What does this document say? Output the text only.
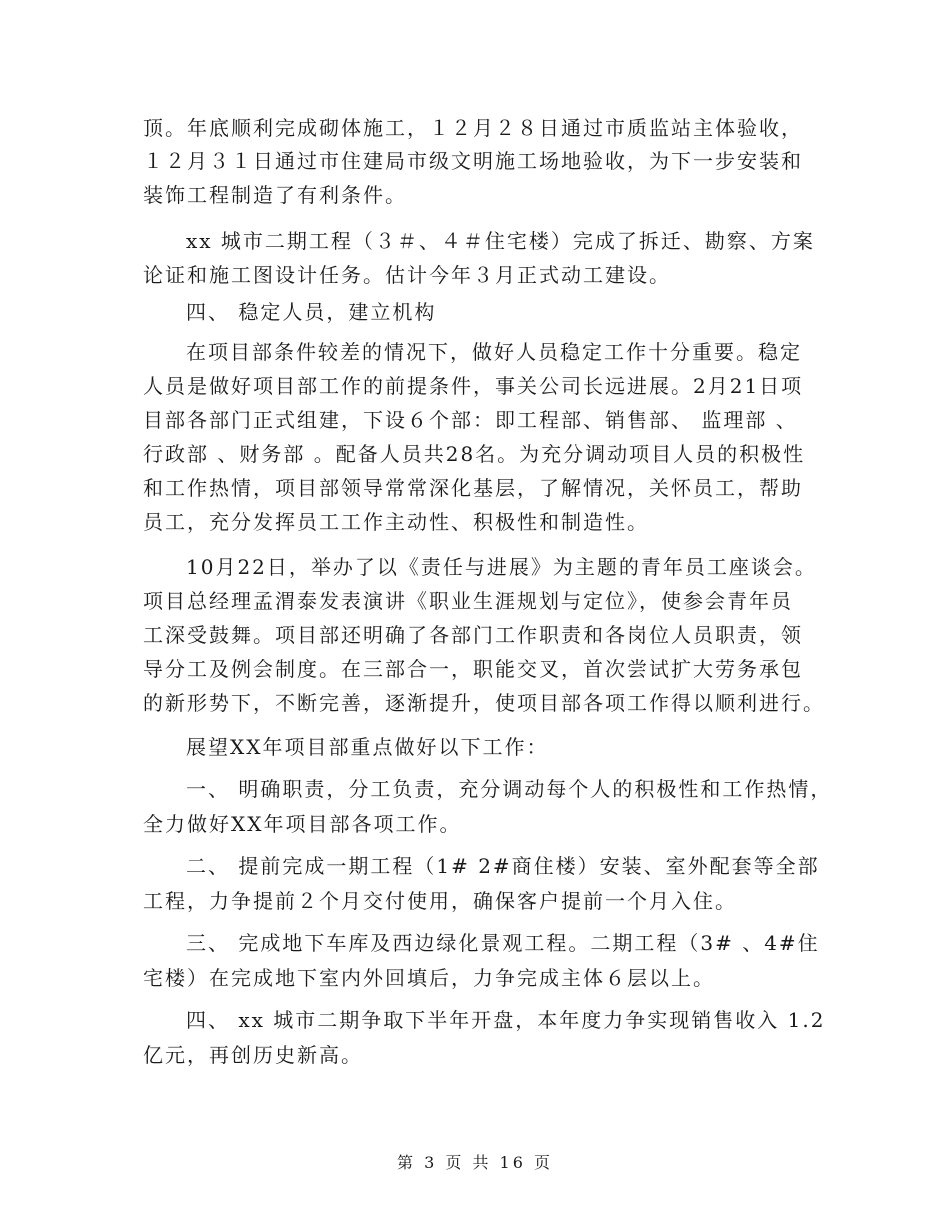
顶。年底顺利完成砌体施工，１２月２８日通过市质监站主体验收，
１２月３１日通过市住建局市级文明施工场地验收，为下一步安装和
装饰工程制造了有利条件。
xx 城市二期工程（３＃、４＃住宅楼）完成了拆迁、勘察、方案
论证和施工图设计任务。估计今年３月正式动工建设。
四、 稳定人员，建立机构
在项目部条件较差的情况下，做好人员稳定工作十分重要。稳定
人员是做好项目部工作的前提条件，事关公司长远进展。2月21日项
目部各部门正式组建，下设６个部：即工程部、销售部、 监理部 、
行政部 、财务部 。配备人员共28名。为充分调动项目人员的积极性
和工作热情，项目部领导常常深化基层，了解情况，关怀员工，帮助
员工，充分发挥员工工作主动性、积极性和制造性。
10月22日，举办了以《责任与进展》为主题的青年员工座谈会。
项目总经理孟渭泰发表演讲《职业生涯规划与定位》，使参会青年员
工深受鼓舞。项目部还明确了各部门工作职责和各岗位人员职责，领
导分工及例会制度。在三部合一，职能交叉，首次尝试扩大劳务承包
的新形势下，不断完善，逐渐提升，使项目部各项工作得以顺利进行。
展望XX年项目部重点做好以下工作：
一、 明确职责，分工负责，充分调动每个人的积极性和工作热情，
全力做好XX年项目部各项工作。
二、 提前完成一期工程（1# 2#商住楼）安装、室外配套等全部
工程，力争提前２个月交付使用，确保客户提前一个月入住。
三、 完成地下车库及西边绿化景观工程。二期工程（3# 、4#住
宅楼）在完成地下室内外回填后，力争完成主体６层以上。
四、 xx 城市二期争取下半年开盘，本年度力争实现销售收入 1.2
亿元，再创历史新高。
第 3 页 共 16 页
